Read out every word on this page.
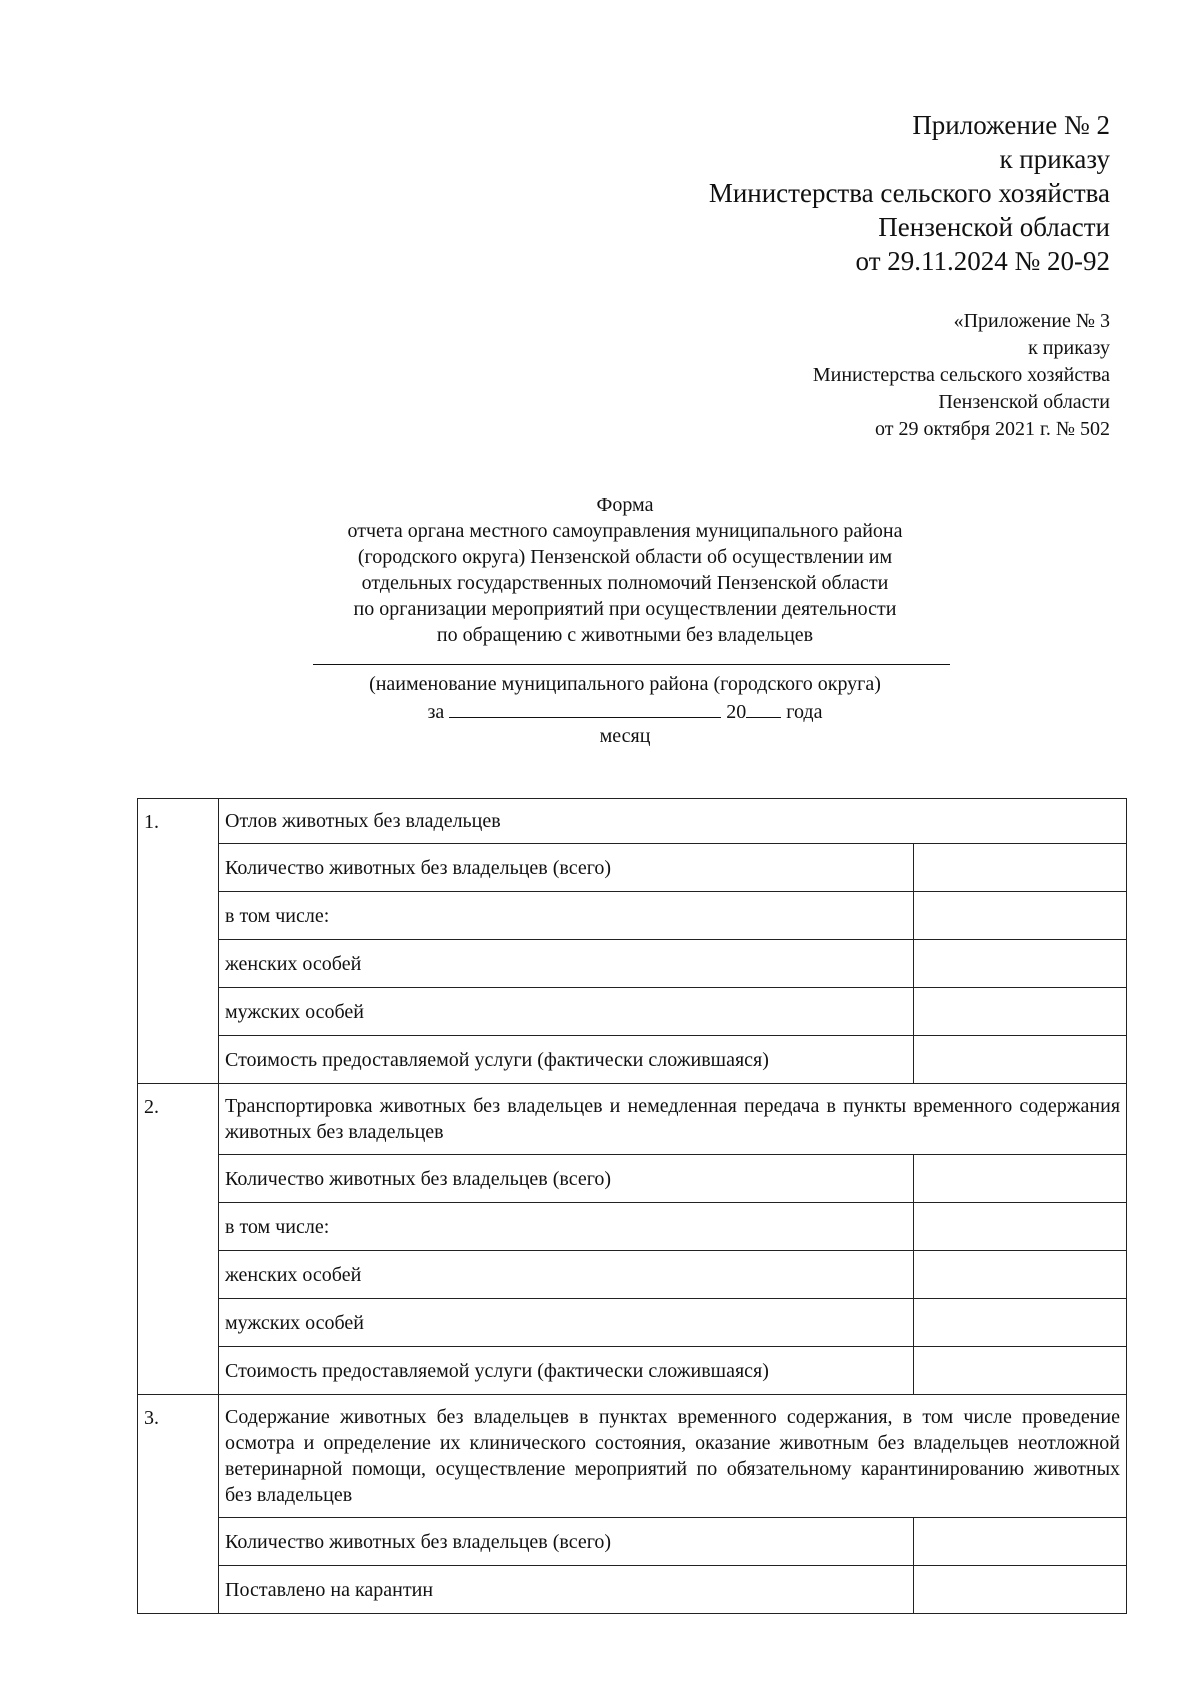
Приложение № 2
к приказу
Министерства сельского хозяйства
Пензенской области
от 29.11.2024 № 20-92
«Приложение № 3
к приказу
Министерства сельского хозяйства
Пензенской области
от 29 октября 2021 г. № 502
Форма
отчета органа местного самоуправления муниципального района
(городского округа) Пензенской области об осуществлении им
отдельных государственных полномочий Пензенской области
по организации мероприятий при осуществлении деятельности
по обращению с животными без владельцев
(наименование муниципального района (городского округа)
за	20 года
месяц
1.	Отлов животных без владельцев	
	Количество животных без владельцев (всего)	
	в том числе:	
	женских особей	
	мужских особей	
	Стоимость предоставляемой услуги (фактически сложившаяся)	
2.	Транспортировка животных без владельцев и немедленная передача в пункты временного содержания животных без владельцев	
	Количество животных без владельцев (всего)	
	в том числе:	
	женских особей	
	мужских особей	
	Стоимость предоставляемой услуги (фактически сложившаяся)	
3.	Содержание животных без владельцев в пунктах временного содержания, в том числе проведение осмотра и определение их клинического состояния, оказание животным без владельцев неотложной ветеринарной помощи, осуществление мероприятий по обязательному карантинированию животных без владельцев	
	Количество животных без владельцев (всего)	
	Поставлено на карантин	
